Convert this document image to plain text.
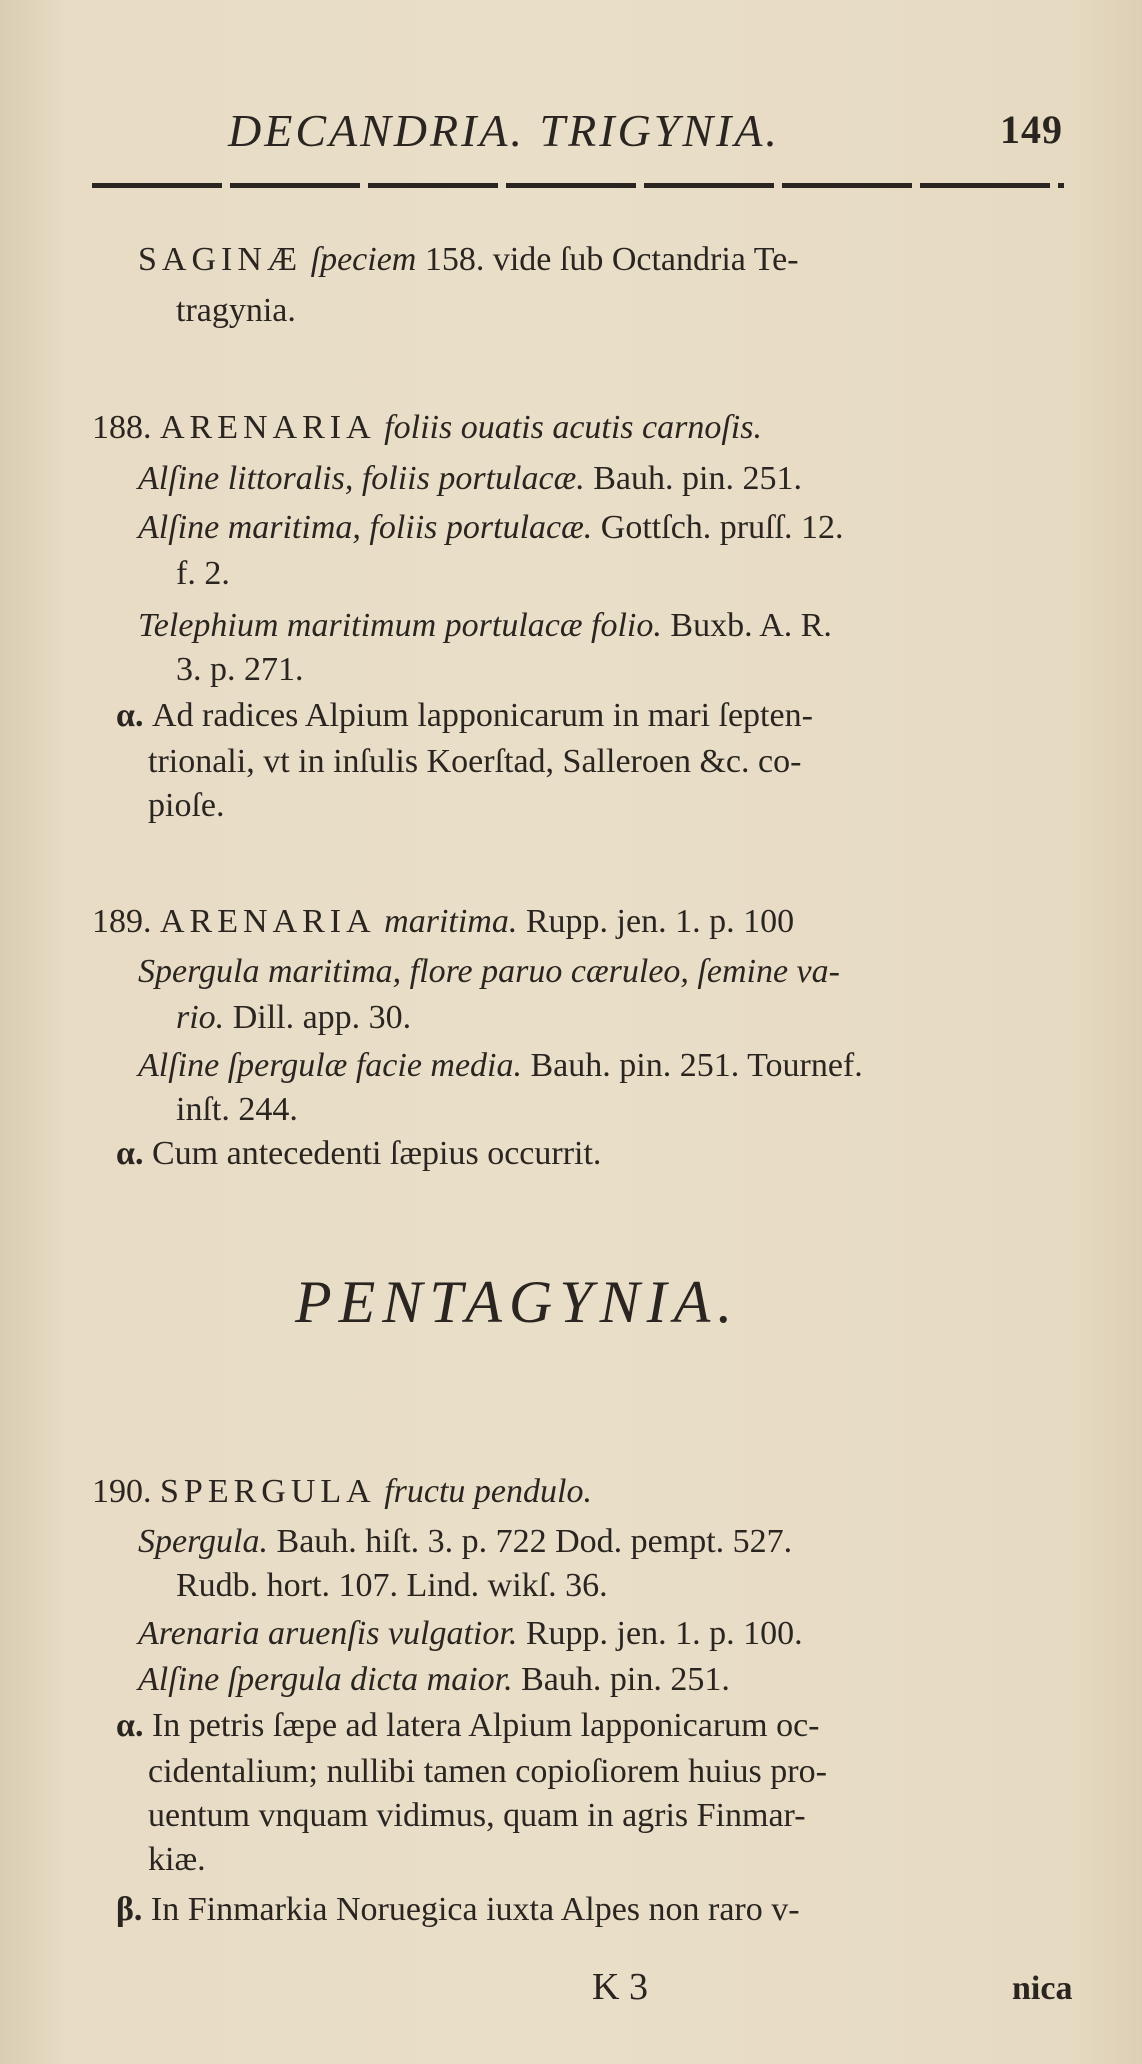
DECANDRIA. TRIGYNIA.	149
SAGINÆ ſpeciem 158. vide ſub Octandria Te-
tragynia.
188. ARENARIA foliis ouatis acutis carnoſis.
Alſine littoralis, foliis portulacæ. Bauh. pin. 251.
Alſine maritima, foliis portulacæ. Gottſch. pruſſ. 12.
f. 2.
Telephium maritimum portulacæ folio. Buxb. A. R.
3. p. 271.
α. Ad radices Alpium lapponicarum in mari ſepten-
trionali, vt in inſulis Koerſtad, Salleroen &c. co-
pioſe.
189. ARENARIA maritima. Rupp. jen. 1. p. 100
Spergula maritima, flore paruo cæruleo, ſemine va-
rio. Dill. app. 30.
Alſine ſpergulæ facie media. Bauh. pin. 251. Tournef.
inſt. 244.
α. Cum antecedenti ſæpius occurrit.
PENTAGYNIA.
190. SPERGULA fructu pendulo.
Spergula. Bauh. hiſt. 3. p. 722 Dod. pempt. 527.
Rudb. hort. 107. Lind. wikſ. 36.
Arenaria aruenſis vulgatior. Rupp. jen. 1. p. 100.
Alſine ſpergula dicta maior. Bauh. pin. 251.
α. In petris ſæpe ad latera Alpium lapponicarum oc-
cidentalium; nullibi tamen copioſiorem huius pro-
uentum vnquam vidimus, quam in agris Finmar-
kiæ.
β. In Finmarkia Noruegica iuxta Alpes non raro v-
K 3	nica
